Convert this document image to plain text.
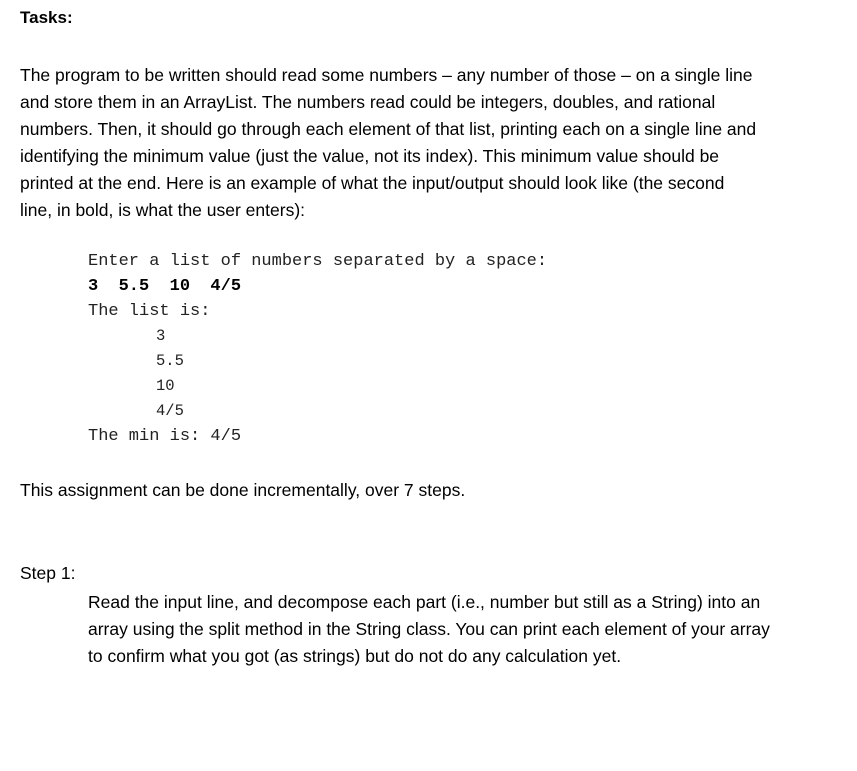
Tasks:

The program to be written should read some numbers – any number of those – on a single line

and store them in an ArrayList. The numbers read could be integers, doubles, and rational

numbers. Then, it should go through each element of that list, printing each on a single line and

identifying the minimum value (just the value, not its index). This minimum value should be

printed at the end. Here is an example of what the input/output should look like (the second

line, in bold, is what the user enters):

Enter a list of numbers separated by a space:
3  5.5  10  4/5
The list is:
3
5.5
10
4/5
The min is: 4/5
This assignment can be done incrementally, over 7 steps.
Step 1:

Read the input line, and decompose each part (i.e., number but still as a String) into an

array using the split method in the String class. You can print each element of your array

to confirm what you got (as strings) but do not do any calculation yet.
